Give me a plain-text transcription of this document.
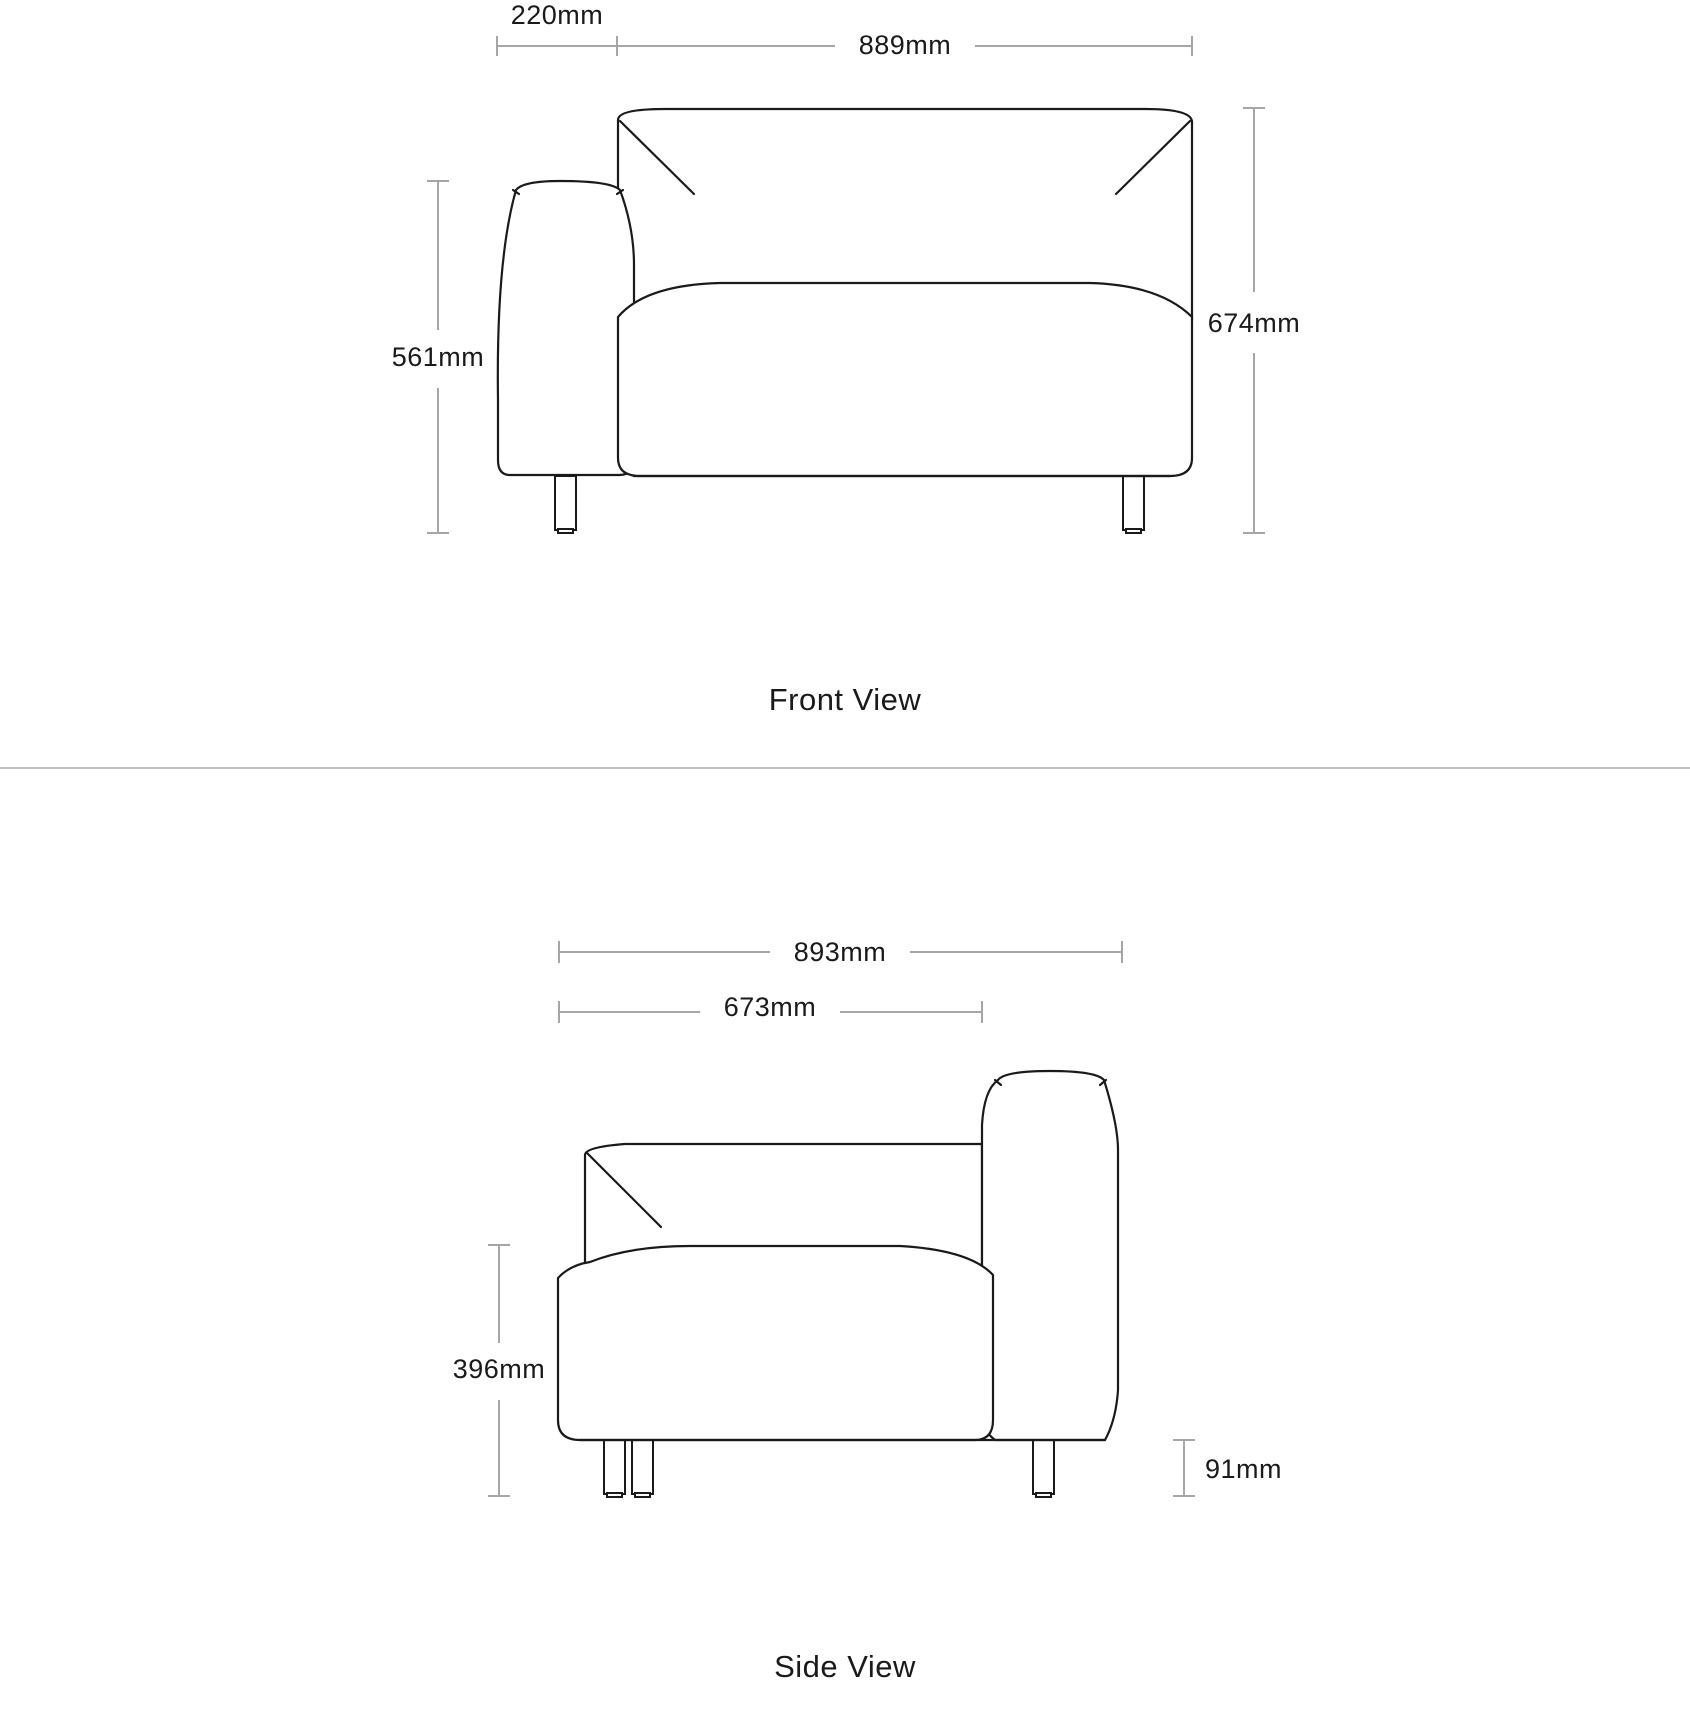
220mm
889mm
561mm
674mm
Front View
893mm
673mm
396mm
91mm
Side View
